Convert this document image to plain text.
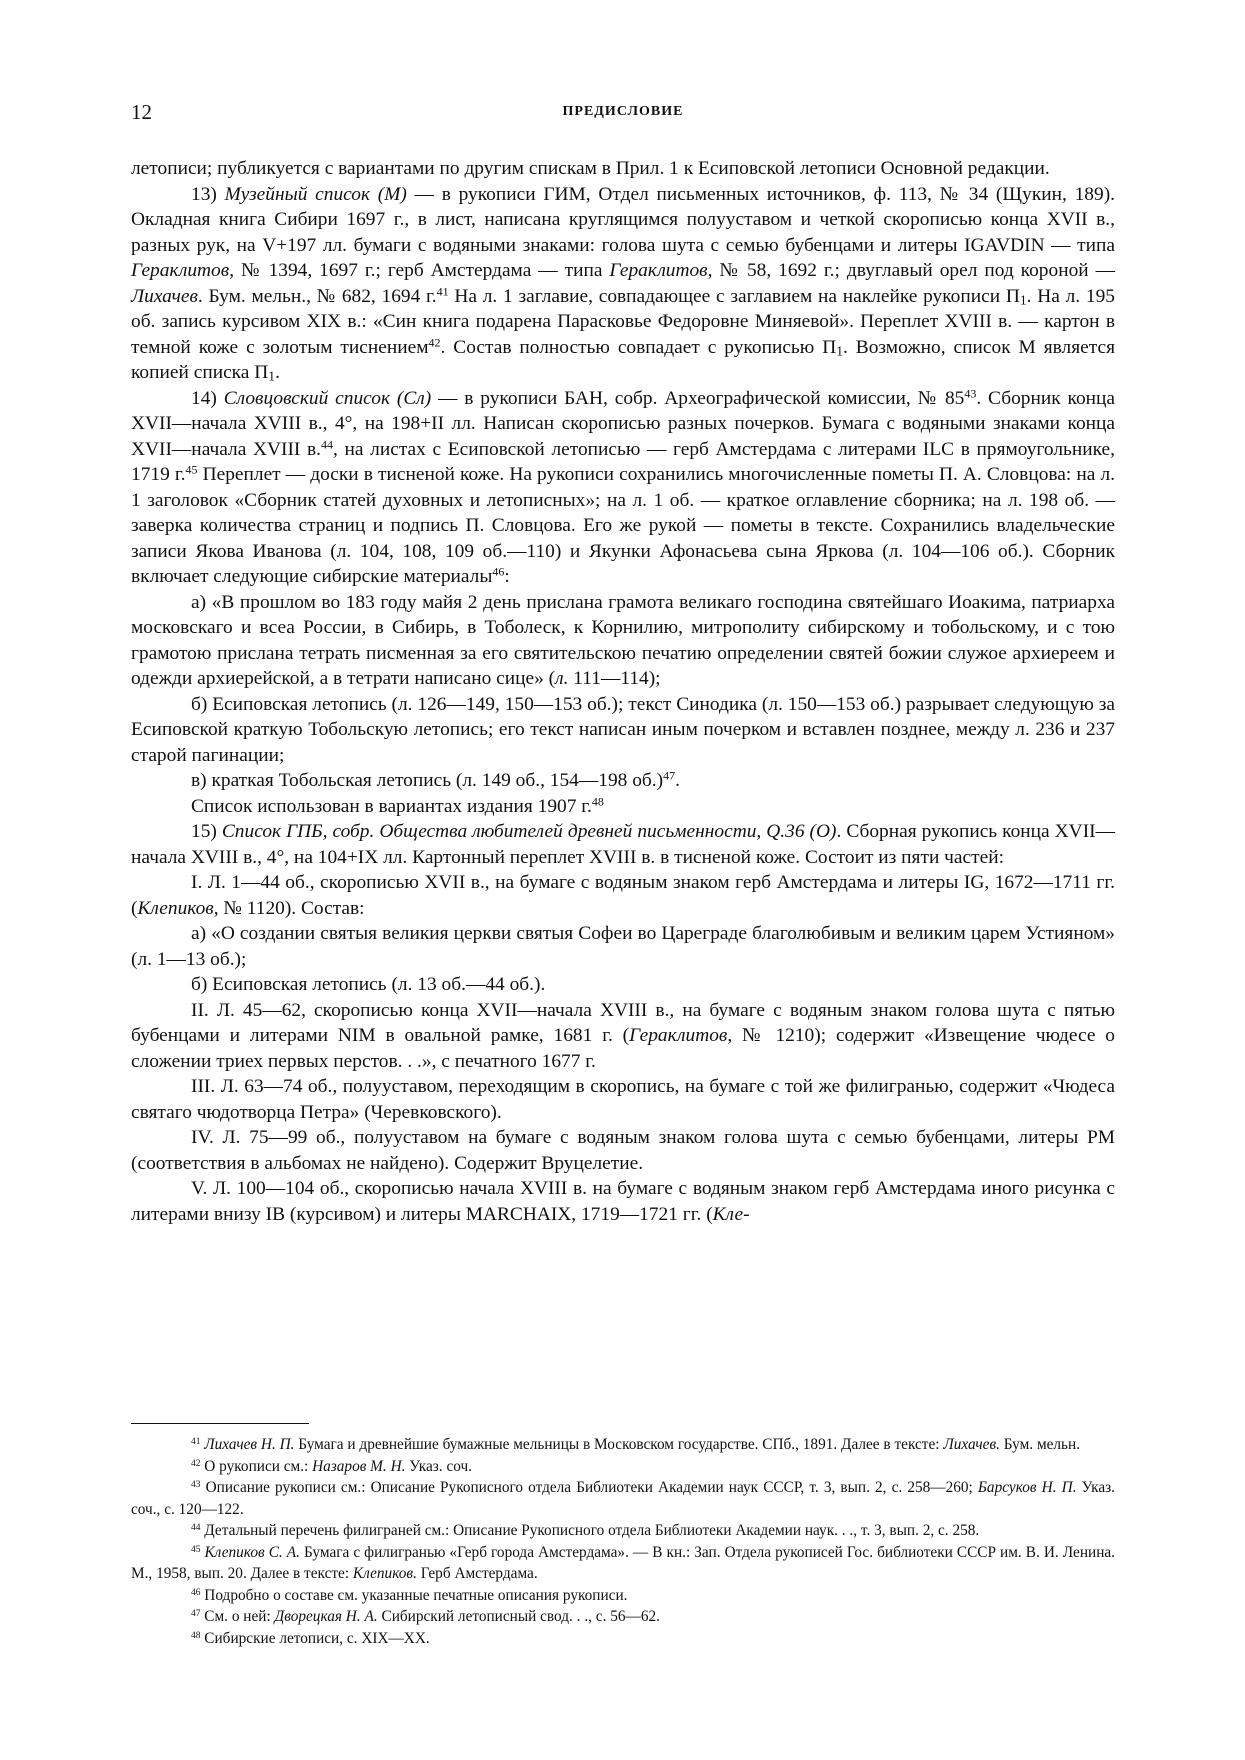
12	ПРЕДИСЛОВИЕ

летописи; публикуется с вариантами по другим спискам в Прил. 1 к Есиповской летописи Основной редакции.

13) Музейный список (М) — в рукописи ГИМ, Отдел письменных источников, ф. 113, № 34 (Щукин, 189). Окладная книга Сибири 1697 г., в лист, написана круглящимся полууставом и четкой скорописью конца XVII в., разных рук, на V+197 лл. бумаги с водяными знаками: голова шута с семью бубенцами и литеры IGAVDIN — типа Гераклитов, № 1394, 1697 г.; герб Амстердама — типа Гераклитов, № 58, 1692 г.; двуглавый орел под короной — Лихачев. Бум. мельн., № 682, 1694 г.$^{41}$ На л. 1 заглавие, совпадающее с заглавием на наклейке рукописи $П_1$. На л. 195 об. запись курсивом XIX в.: «Син книга подарена Парасковье Федоровне Миняевой». Переплет XVIII в. — картон в темной коже с золотым тиснением$^{42}$. Состав полностью совпадает с рукописью $П_1$. Возможно, список М является копией списка $П_1$.

14) Словцовский список (Сл) — в рукописи БАН, собр. Археографической комиссии, № $85^{43}$. Сборник конца XVII—начала XVIII в., 4°, на 198+II лл. Написан скорописью разных почерков. Бумага с водяными знаками конца XVII—начала XVIII в.$^{44}$, на листах с Есиповской летописью — герб Амстердама с литерами ILC в прямоугольнике, 1719 г.$^{45}$ Переплет — доски в тисненой коже. На рукописи сохранились многочисленные пометы П. А. Словцова: на л. 1 заголовок «Сборник статей духовных и летописных»; на л. 1 об. — краткое оглавление сборника; на л. 198 об. — заверка количества страниц и подпись П. Словцова. Его же рукой — пометы в тексте. Сохранились владельческие записи Якова Иванова (л. 104, 108, 109 об.—110) и Якунки Афонасьева сына Яркова (л. 104—106 об.). Сборник включает следующие сибирские материалы$^{46}$:

а) «В прошлом во 183 году майя 2 день прислана грамота великаго господина святейшаго Иоакима, патриарха московскаго и всеа России, в Сибирь, в Тоболеск, к Корнилию, митрополиту сибирскому и тобольскому, и с тою грамотою прислана тетрать писменная за его святительскою печатию определении святей божии служое архиереем и одежди архиерейской, а в тетрати написано сице» (л. 111—114);

б) Есиповская летопись (л. 126—149, 150—153 об.); текст Синодика (л. 150—153 об.) разрывает следующую за Есиповской краткую Тобольскую летопись; его текст написан иным почерком и вставлен позднее, между л. 236 и 237 старой пагинации;

в) краткая Тобольская летопись (л. 149 об., 154—198 об.)$^{47}$.

Список использован в вариантах издания 1907 г.$^{48}$

15) Список ГПБ, собр. Общества любителей древней письменности, Q.36 (О). Сборная рукопись конца XVII—начала XVIII в., 4°, на 104+IX лл. Картонный переплет XVIII в. в тисненой коже. Состоит из пяти частей:

I. Л. 1—44 об., скорописью XVII в., на бумаге с водяным знаком герб Амстердама и литеры IG, 1672—1711 гг. (Клепиков, № 1120). Состав:

а) «О создании святыя великия церкви святыя Софеи во Цареграде благолюбивым и великим царем Устияном» (л. 1—13 об.);

б) Есиповская летопись (л. 13 об.—44 об.).

II. Л. 45—62, скорописью конца XVII—начала XVIII в., на бумаге с водяным знаком голова шута с пятью бубенцами и литерами NIM в овальной рамке, 1681 г. (Гераклитов, № 1210); содержит «Извещение чюдесе о сложении триех первых перстов. . .», с печатного 1677 г.

III. Л. 63—74 об., полууставом, переходящим в скоропись, на бумаге с той же филигранью, содержит «Чюдеса святаго чюдотворца Петра» (Черевковского).

IV. Л. 75—99 об., полууставом на бумаге с водяным знаком голова шута с семью бубенцами, литеры PM (соответствия в альбомах не найдено). Содержит Вруцелетие.

V. Л. 100—104 об., скорописью начала XVIII в. на бумаге с водяным знаком герб Амстердама иного рисунка с литерами внизу IB (курсивом) и литеры MARCHAIX, 1719—1721 гг. (Кле-

$^{41}$ Лихачев Н. П. Бумага и древнейшие бумажные мельницы в Московском государстве. СПб., 1891. Далее в тексте: Лихачев. Бум. мельн.

$^{42}$ О рукописи см.: Назаров М. Н. Указ. соч.

$^{43}$ Описание рукописи см.: Описание Рукописного отдела Библиотеки Академии наук СССР, т. 3, вып. 2, с. 258—260; Барсуков Н. П. Указ. соч., с. 120—122.

$^{44}$ Детальный перечень филиграней см.: Описание Рукописного отдела Библиотеки Академии наук. . ., т. 3, вып. 2, с. 258.

$^{45}$ Клепиков С. А. Бумага с филигранью «Герб города Амстердама». — В кн.: Зап. Отдела рукописей Гос. библиотеки СССР им. В. И. Ленина. М., 1958, вып. 20. Далее в тексте: Клепиков. Герб Амстердама.

$^{46}$ Подробно о составе см. указанные печатные описания рукописи.

$^{47}$ См. о ней: Дворецкая Н. А. Сибирский летописный свод. . ., с. 56—62.

$^{48}$ Сибирские летописи, с. XIX—XX.
